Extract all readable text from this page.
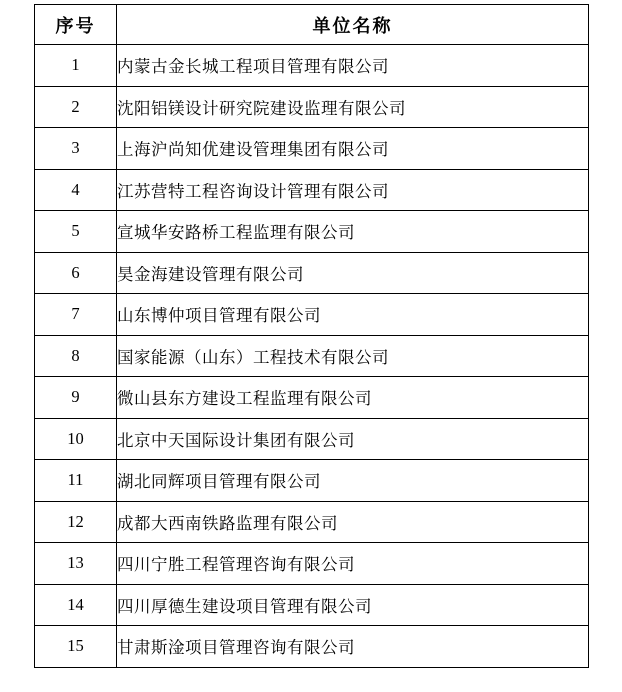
序号	单位名称
1	内蒙古金长城工程项目管理有限公司
2	沈阳铝镁设计研究院建设监理有限公司
3	上海沪尚知优建设管理集团有限公司
4	江苏营特工程咨询设计管理有限公司
5	宣城华安路桥工程监理有限公司
6	昊金海建设管理有限公司
7	山东博仲项目管理有限公司
8	国家能源（山东）工程技术有限公司
9	微山县东方建设工程监理有限公司
10	北京中天国际设计集团有限公司
11	湖北同辉项目管理有限公司
12	成都大西南铁路监理有限公司
13	四川宁胜工程管理咨询有限公司
14	四川厚德生建设项目管理有限公司
15	甘肃斯淦项目管理咨询有限公司
